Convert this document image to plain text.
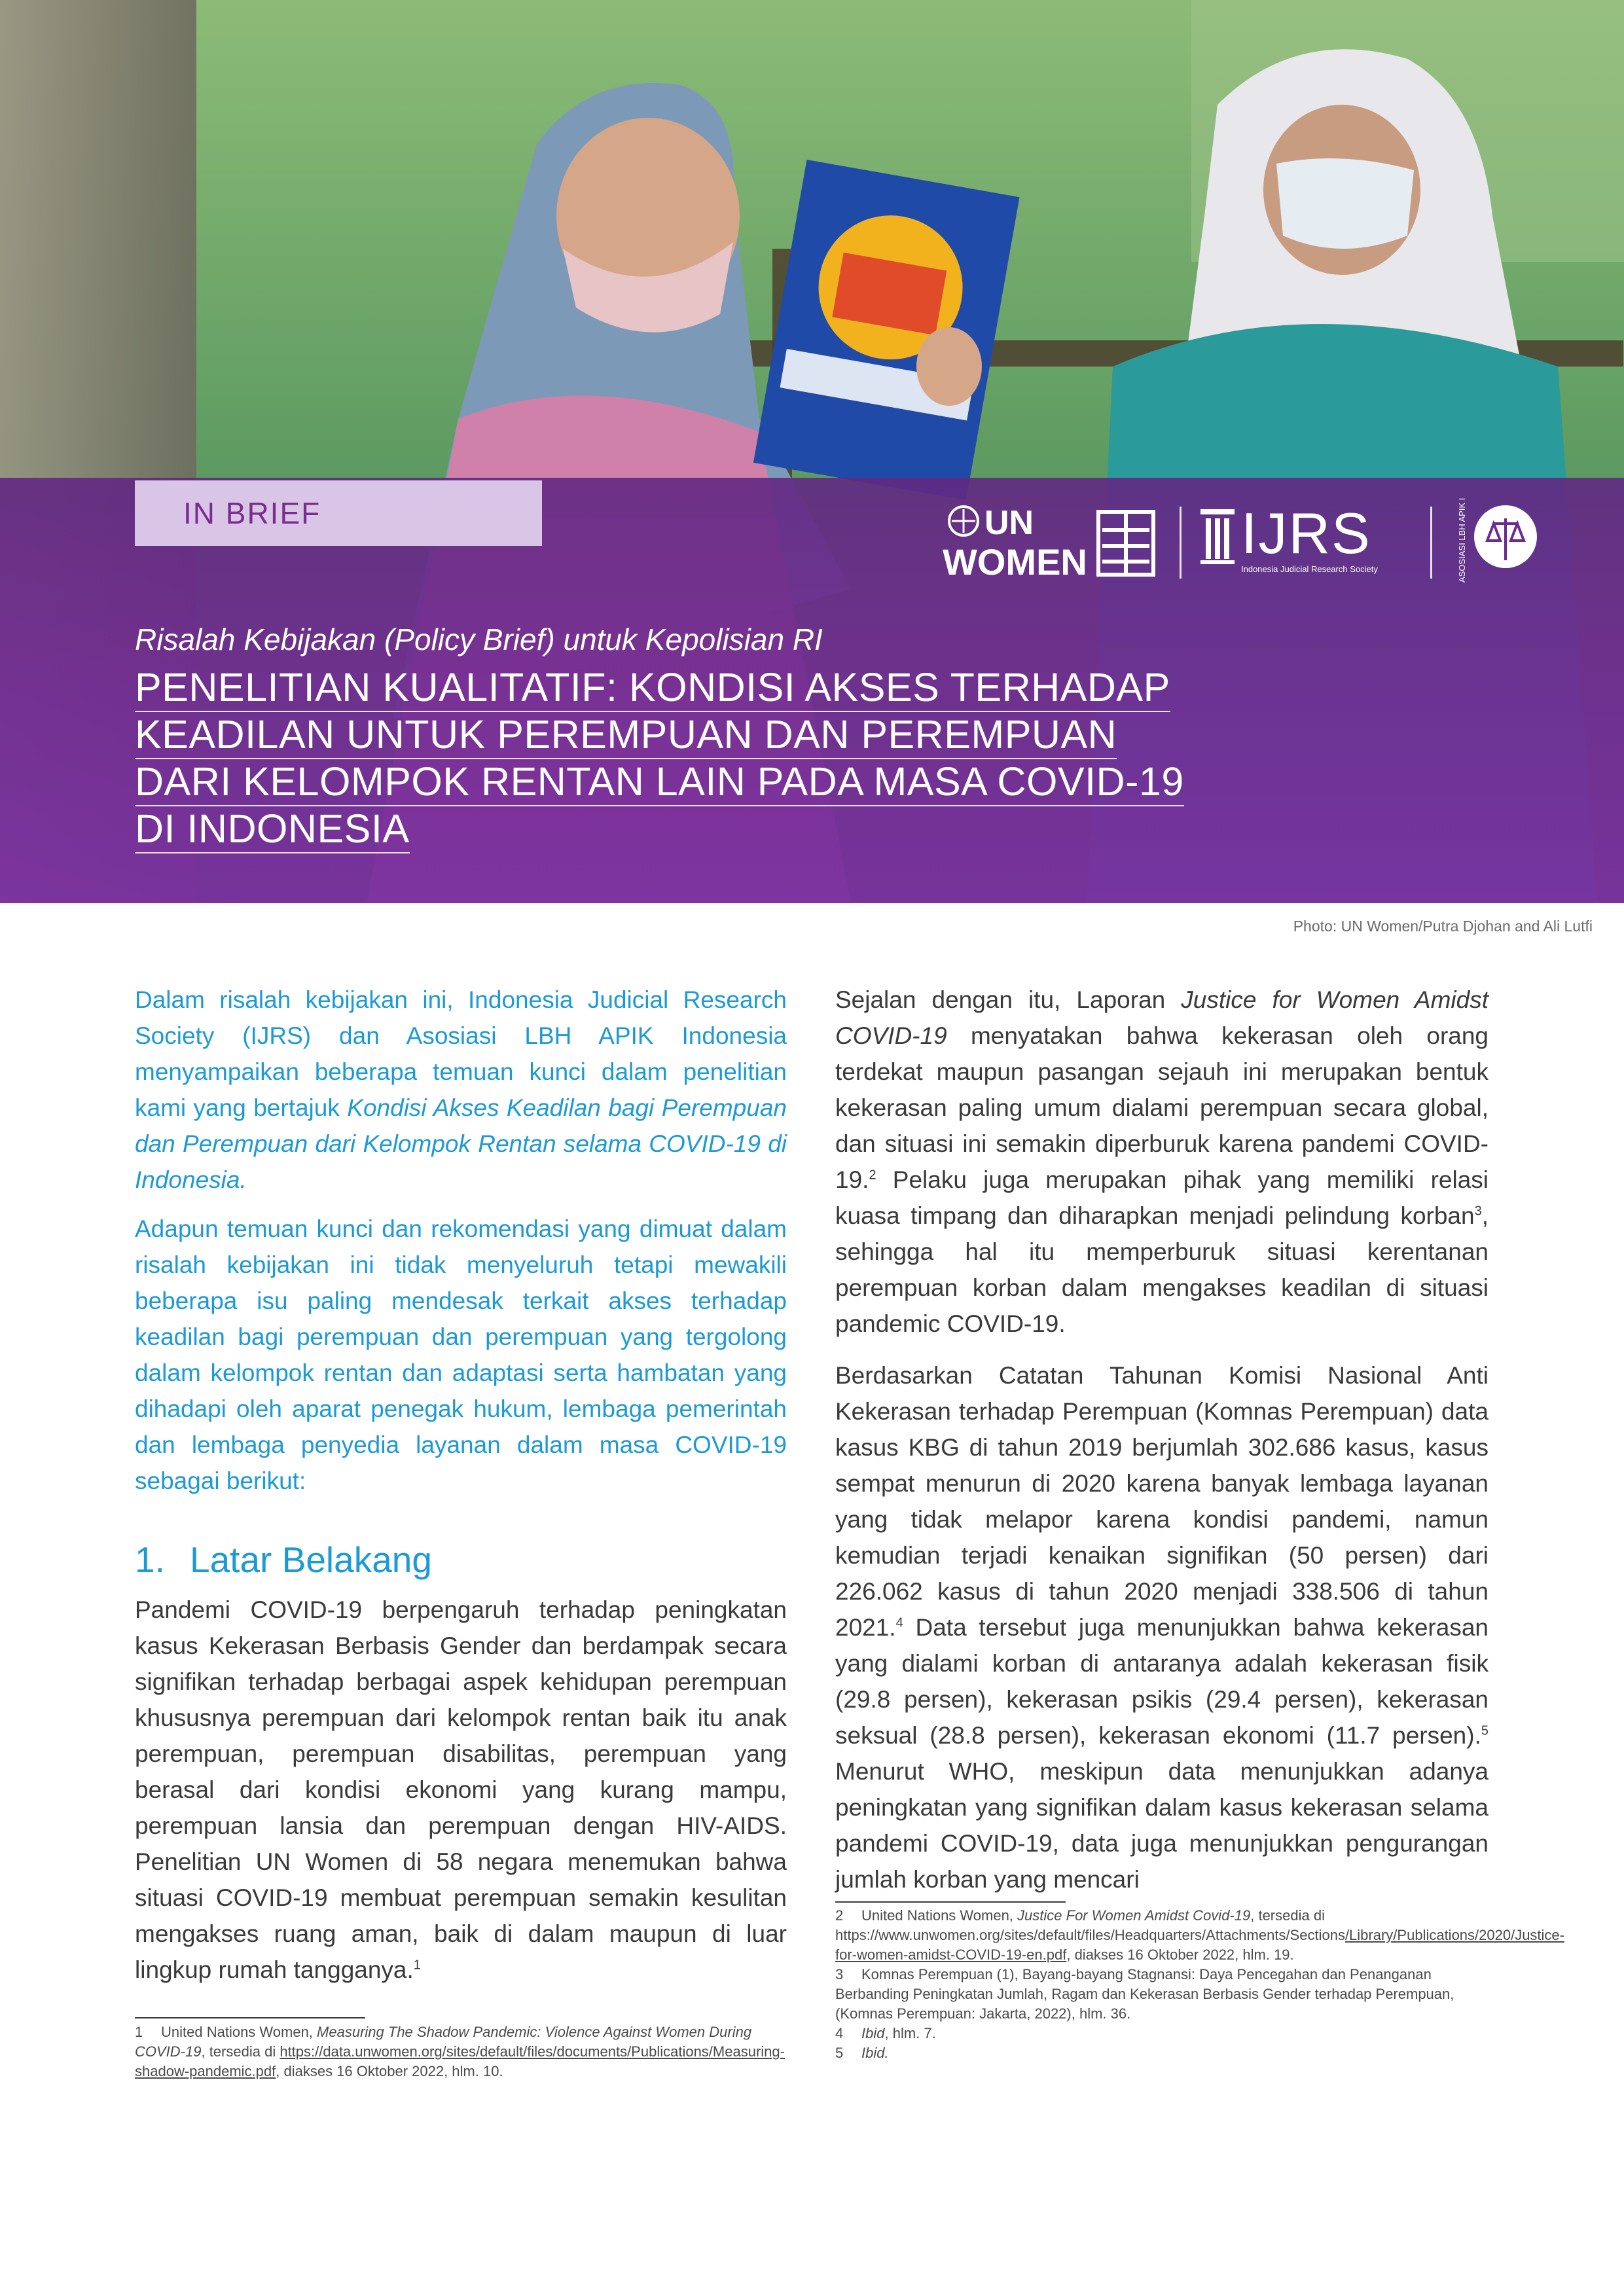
IN BRIEF	UN
WOMEN	IJRS
Indonesia Judicial Research Society	ASOSIASI LBH APIK INDONESIA
Risalah Kebijakan (Policy Brief) untuk Kepolisian RI
PENELITIAN KUALITATIF: KONDISI AKSES TERHADAP
KEADILAN UNTUK PEREMPUAN DAN PEREMPUAN
DARI KELOMPOK RENTAN LAIN PADA MASA COVID-19
DI INDONESIA
Photo: UN Women/Putra Djohan and Ali Lutfi

Dalam risalah kebijakan ini, Indonesia Judicial Research Society (IJRS) dan Asosiasi LBH APIK Indonesia menyampaikan beberapa temuan kunci dalam penelitian kami yang bertajuk Kondisi Akses Keadilan bagi Perempuan dan Perempuan dari Kelompok Rentan selama COVID-19 di Indonesia.

Adapun temuan kunci dan rekomendasi yang dimuat dalam risalah kebijakan ini tidak menyeluruh tetapi mewakili beberapa isu paling mendesak terkait akses terhadap keadilan bagi perempuan dan perempuan yang tergolong dalam kelompok rentan dan adaptasi serta hambatan yang dihadapi oleh aparat penegak hukum, lembaga pemerintah dan lembaga penyedia layanan dalam masa COVID-19 sebagai berikut:

1. Latar Belakang

Pandemi COVID-19 berpengaruh terhadap peningkatan kasus Kekerasan Berbasis Gender dan berdampak secara signifikan terhadap berbagai aspek kehidupan perempuan khususnya perempuan dari kelompok rentan baik itu anak perempuan, perempuan disabilitas, perempuan yang berasal dari kondisi ekonomi yang kurang mampu, perempuan lansia dan perempuan dengan HIV-AIDS. Penelitian UN Women di 58 negara menemukan bahwa situasi COVID-19 membuat perempuan semakin kesulitan mengakses ruang aman, baik di dalam maupun di luar lingkup rumah tangganya.$^1$

1 United Nations Women, Measuring The Shadow Pandemic: Violence Against Women During COVID-19, tersedia di https://data.unwomen.org/sites/default/files/documents/Publications/Measuring-shadow-pandemic.pdf, diakses 16 Oktober 2022, hlm. 10.

Sejalan dengan itu, Laporan Justice for Women Amidst COVID-19 menyatakan bahwa kekerasan oleh orang terdekat maupun pasangan sejauh ini merupakan bentuk kekerasan paling umum dialami perempuan secara global, dan situasi ini semakin diperburuk karena pandemi COVID-19.$^2$ Pelaku juga merupakan pihak yang memiliki relasi kuasa timpang dan diharapkan menjadi pelindung korban$^3$, sehingga hal itu memperburuk situasi kerentanan perempuan korban dalam mengakses keadilan di situasi pandemic COVID-19.

Berdasarkan Catatan Tahunan Komisi Nasional Anti Kekerasan terhadap Perempuan (Komnas Perempuan) data kasus KBG di tahun 2019 berjumlah 302.686 kasus, kasus sempat menurun di 2020 karena banyak lembaga layanan yang tidak melapor karena kondisi pandemi, namun kemudian terjadi kenaikan signifikan (50 persen) dari 226.062 kasus di tahun 2020 menjadi 338.506 di tahun 2021.$^4$ Data tersebut juga menunjukkan bahwa kekerasan yang dialami korban di antaranya adalah kekerasan fisik (29.8 persen), kekerasan psikis (29.4 persen), kekerasan seksual (28.8 persen), kekerasan ekonomi (11.7 persen).$^5$ Menurut WHO, meskipun data menunjukkan adanya peningkatan yang signifikan dalam kasus kekerasan selama pandemi COVID-19, data juga menunjukkan pengurangan jumlah korban yang mencari

2 United Nations Women, Justice For Women Amidst Covid-19, tersedia di https://www.unwomen.org/sites/default/files/Headquarters/Attachments/Sections/Library/Publications/2020/Justice-for-women-amidst-COVID-19-en.pdf, diakses 16 Oktober 2022, hlm. 19.
3 Komnas Perempuan (1), Bayang-bayang Stagnansi: Daya Pencegahan dan Penanganan Berbanding Peningkatan Jumlah, Ragam dan Kekerasan Berbasis Gender terhadap Perempuan, (Komnas Perempuan: Jakarta, 2022), hlm. 36.
4 Ibid, hlm. 7.
5 Ibid.
